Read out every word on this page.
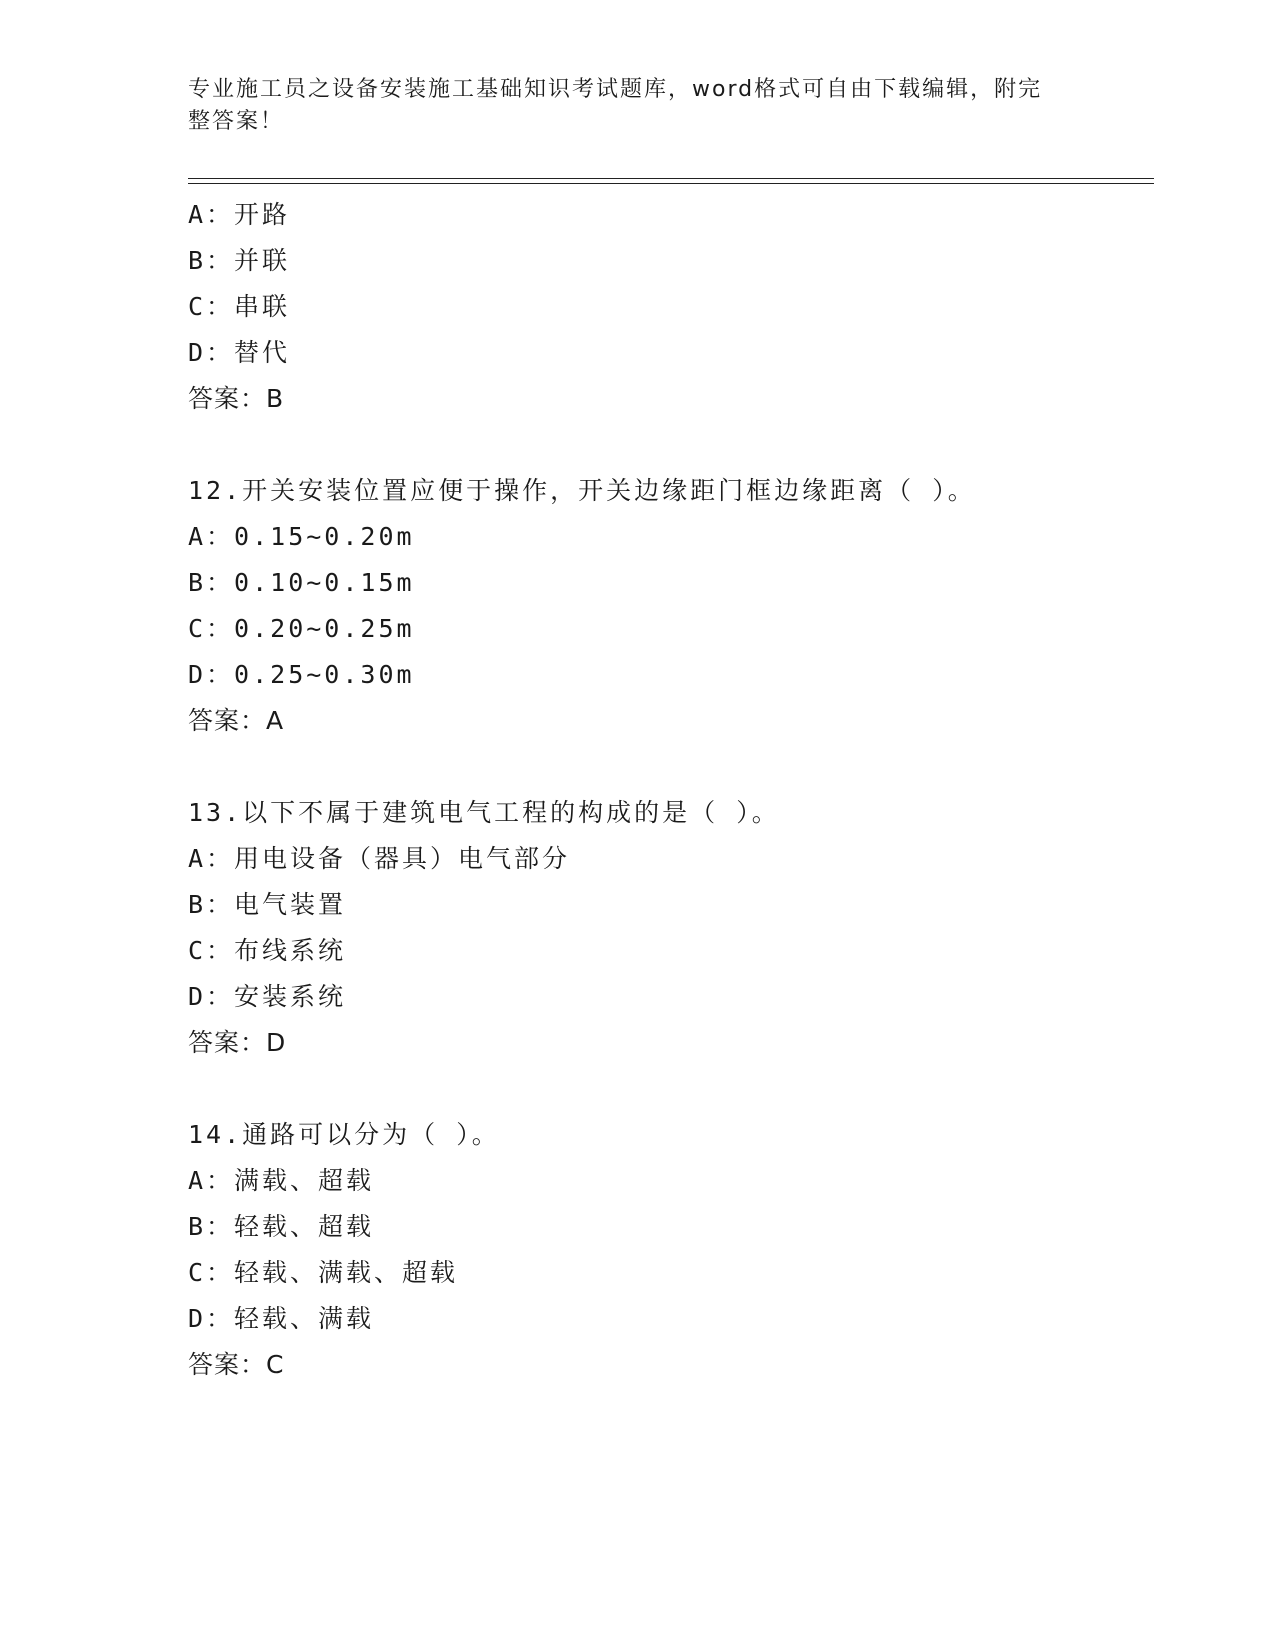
专业施工员之设备安装施工基础知识考试题库，word格式可自由下载编辑，附完
整答案！
A：开路
B：并联
C：串联
D：替代
答案：B
12.开关安装位置应便于操作，开关边缘距门框边缘距离（ ）。
A：0.15~0.20m
B：0.10~0.15m
C：0.20~0.25m
D：0.25~0.30m
答案：A
13.以下不属于建筑电气工程的构成的是（ ）。
A：用电设备（器具）电气部分
B：电气装置
C：布线系统
D：安装系统
答案：D
14.通路可以分为（ ）。
A：满载、超载
B：轻载、超载
C：轻载、满载、超载
D：轻载、满载
答案：C
